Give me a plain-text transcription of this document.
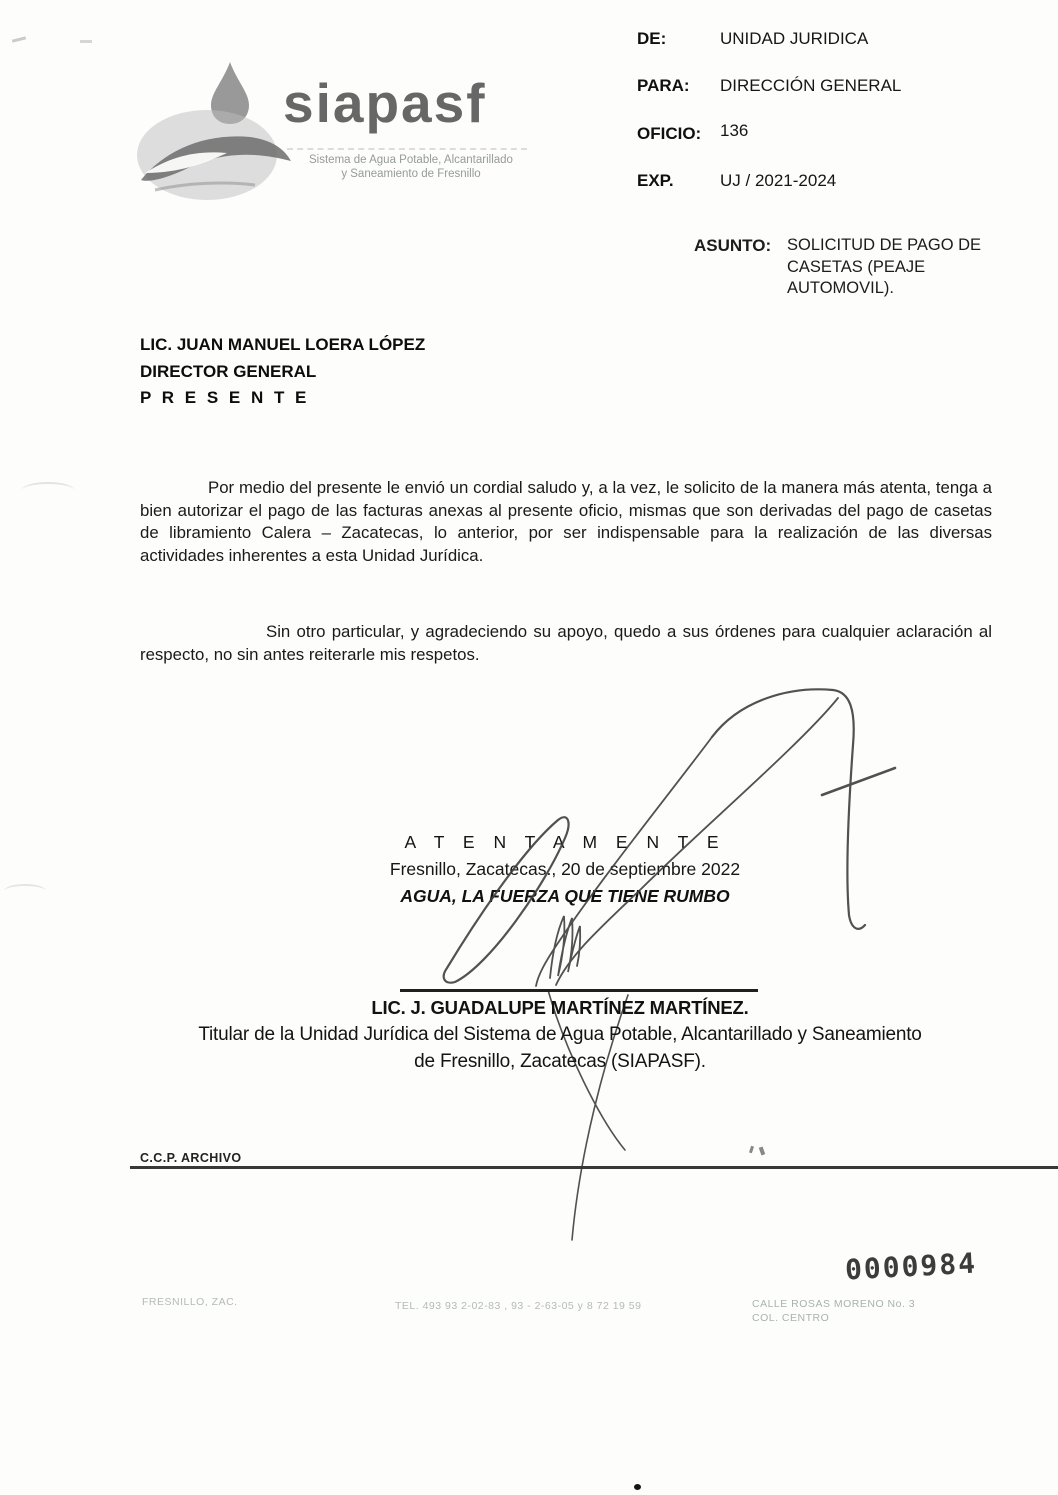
siapasf
Sistema de Agua Potable, Alcantarillado
y Saneamiento de Fresnillo
DE:	UNIDAD JURIDICA
PARA: DIRECCIÓN GENERAL
OFICIO: 136
EXP.	UJ / 2021-2024
ASUNTO: SOLICITUD DE PAGO DE CASETAS (PEAJE AUTOMOVIL).
LIC. JUAN MANUEL LOERA LÓPEZ
DIRECTOR GENERAL
P R E S E N T E
Por medio del presente le envió un cordial saludo y, a la vez, le solicito de la manera más atenta, tenga a bien autorizar el pago de las facturas anexas al presente oficio, mismas que son derivadas del pago de casetas de libramiento Calera – Zacatecas, lo anterior, por ser indispensable para la realización de las diversas actividades inherentes a esta Unidad Jurídica.
Sin otro particular, y agradeciendo su apoyo, quedo a sus órdenes para cualquier aclaración al respecto, no sin antes reiterarle mis respetos.
A T E N T A M E N T E
Fresnillo, Zacatecas., 20 de septiembre 2022
AGUA, LA FUERZA QUE TIENE RUMBO
LIC. J. GUADALUPE MARTÍNEZ MARTÍNEZ.
Titular de la Unidad Jurídica del Sistema de Agua Potable, Alcantarillado y Saneamiento
de Fresnillo, Zacatecas (SIAPASF).
C.C.P. ARCHIVO
FRESNILLO, ZAC.	TEL. 493 93 2-02-83 , 93 - 2-63-05 y 8 72 19 59	CALLE ROSAS MORENO No. 3
COL. CENTRO
0000984
